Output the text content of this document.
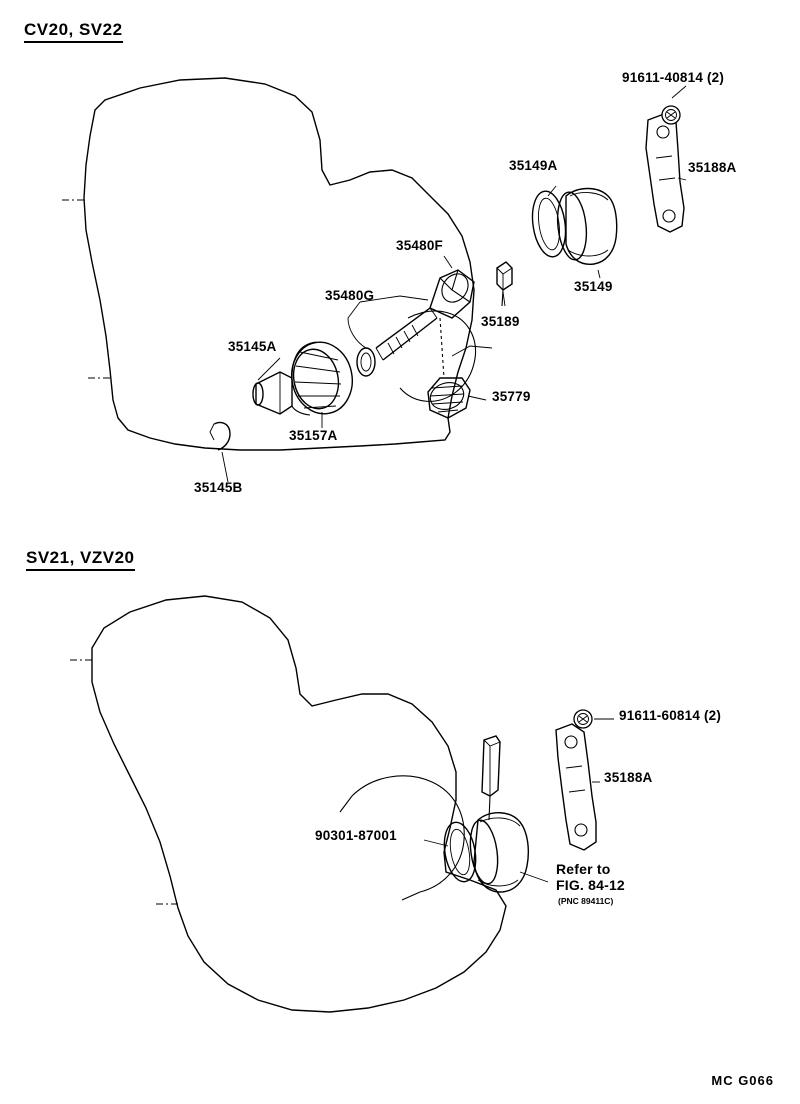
CV20, SV22
91611-40814 (2)
35188A
35149A
35149
35480F
35480G
35189
35145A
35157A
35145B
35779
SV21, VZV20
91611-60814 (2)
35188A
90301-87001
Refer to
FIG. 84-12
(PNC 89411C)
MC G066
